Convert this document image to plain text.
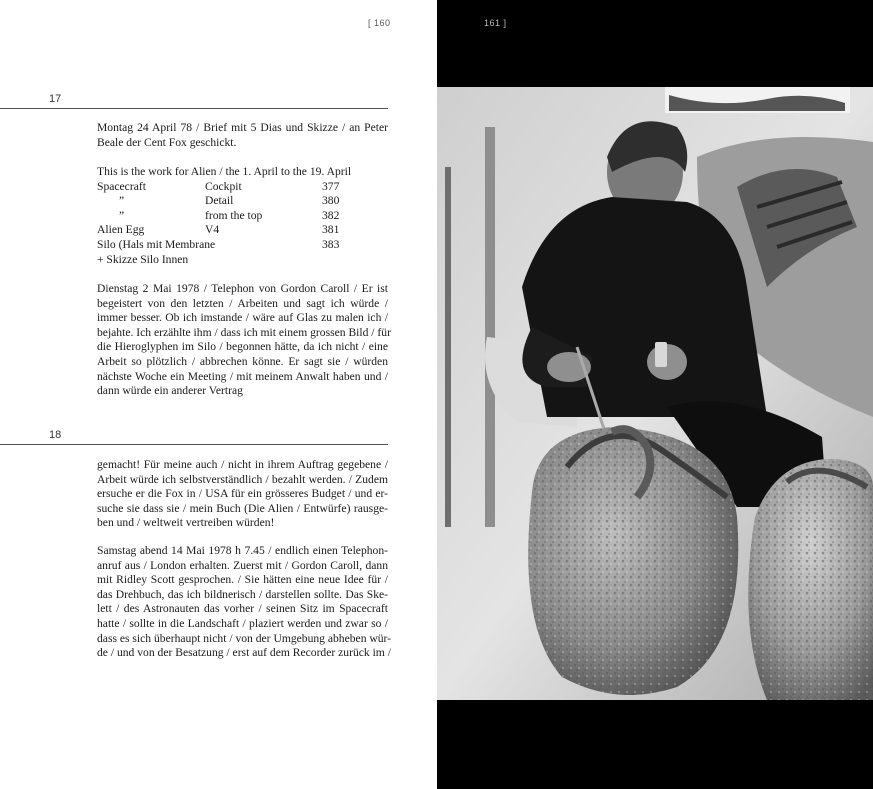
[ 160
17
Montag 24 April 78 / Brief mit 5 Dias und Skizze / an Peter
Beale der Cent Fox geschickt.
This is the work for Alien / the 1. April to the 19. April
Spacecraft	Cockpit	377
”	Detail	380
”	from the top	382
Alien Egg	V4	381
Silo (Hals mit Membrane	383
+ Skizze Silo Innen
Dienstag 2 Mai 1978 / Telephon von Gordon Caroll / Er ist
begeistert von den letzten / Arbeiten und sagt ich würde /
immer besser. Ob ich imstande / wäre auf Glas zu malen ich /
bejahte. Ich erzählte ihm / dass ich mit einem grossen Bild / für
die Hieroglyphen im Silo / begonnen hätte, da ich nicht / eine
Arbeit so plötzlich / abbrechen könne. Er sagt sie / würden
nächste Woche ein Meeting / mit meinem Anwalt haben und /
dann würde ein anderer Vertrag
18
gemacht! Für meine auch / nicht in ihrem Auftrag gegebene /
Arbeit würde ich selbstverständlich / bezahlt werden. / Zudem
ersuche er die Fox in / USA für ein grösseres Budget / und er-
suche sie dass sie / mein Buch (Die Alien / Entwürfe) rausge-
ben und / weltweit vertreiben würden!
Samstag abend 14 Mai 1978 h 7.45 / endlich einen Telephon-
anruf aus / London erhalten. Zuerst mit / Gordon Caroll, dann
mit Ridley Scott gesprochen. / Sie hätten eine neue Idee für /
das Drehbuch, das ich bildnerisch / darstellen sollte. Das Ske-
lett / des Astronauten das vorher / seinen Sitz im Spacecraft
hatte / sollte in die Landschaft / plaziert werden und zwar so /
dass es sich überhaupt nicht / von der Umgebung abheben wür-
de / und von der Besatzung / erst auf dem Recorder zurück im /
161 ]
